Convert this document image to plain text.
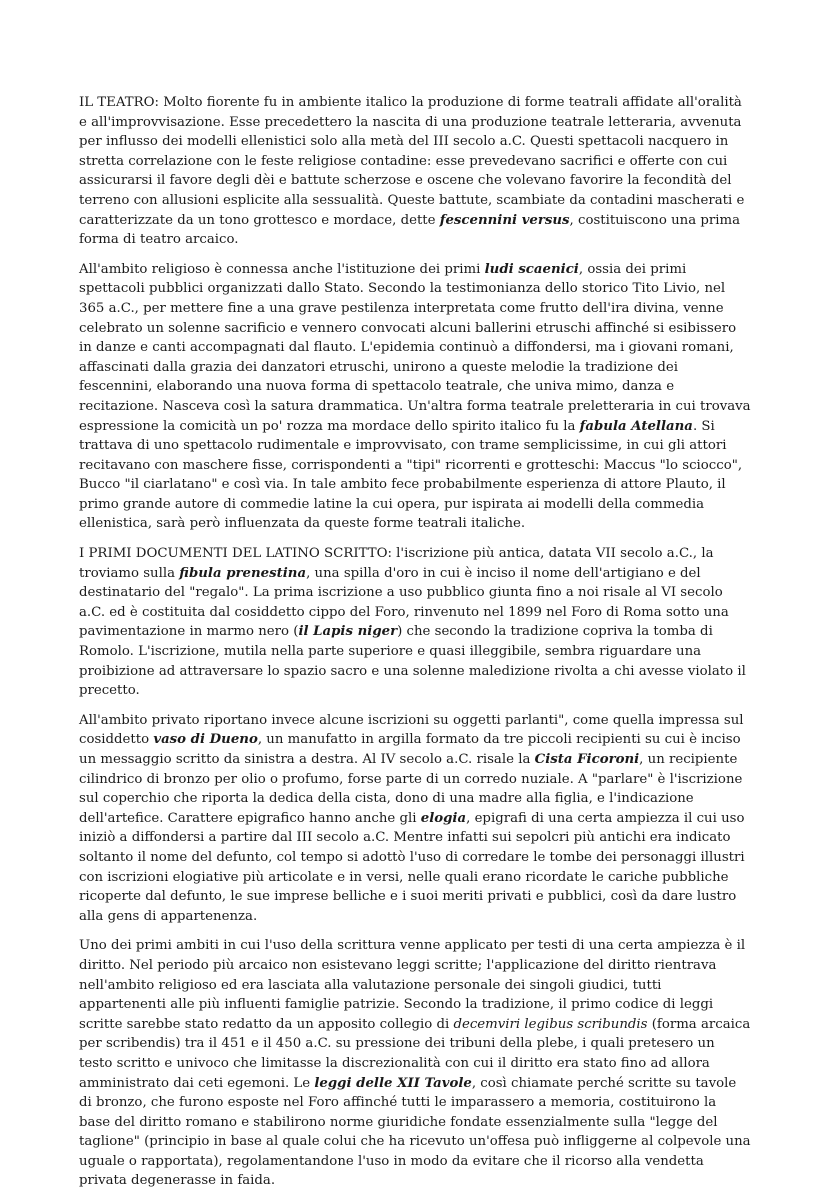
IL TEATRO: Molto fiorente fu in ambiente italico la produzione di forme teatrali affidate all'oralità e all'improvvisazione. Esse precedettero la nascita di una produzione teatrale letteraria, avvenuta per influsso dei modelli ellenistici solo alla metà del III secolo a.C. Questi spettacoli nacquero in stretta correlazione con le feste religiose contadine: esse prevedevano sacrifici e offerte con cui assicurarsi il favore degli dèi e battute scherzose e oscene che volevano favorire la fecondità del terreno con allusioni esplicite alla sessualità. Queste battute, scambiate da contadini mascherati e caratterizzate da un tono grottesco e mordace, dette fescennini versus, costituiscono una prima forma di teatro arcaico.

All'ambito religioso è connessa anche l'istituzione dei primi ludi scaenici, ossia dei primi spettacoli pubblici organizzati dallo Stato. Secondo la testimonianza dello storico Tito Livio, nel 365 a.C., per mettere fine a una grave pestilenza interpretata come frutto dell'ira divina, venne celebrato un solenne sacrificio e vennero convocati alcuni ballerini etruschi affinché si esibissero in danze e canti accompagnati dal flauto. L'epidemia continuò a diffondersi, ma i giovani romani, affascinati dalla grazia dei danzatori etruschi, unirono a queste melodie la tradizione dei fescennini, elaborando una nuova forma di spettacolo teatrale, che univa mimo, danza e recitazione. Nasceva così la satura drammatica. Un'altra forma teatrale preletteraria in cui trovava espressione la comicità un po' rozza ma mordace dello spirito italico fu la fabula Atellana. Si trattava di uno spettacolo rudimentale e improvvisato, con trame semplicissime, in cui gli attori recitavano con maschere fisse, corrispondenti a "tipi" ricorrenti e grotteschi: Maccus "lo sciocco", Bucco "il ciarlatano" e così via. In tale ambito fece probabilmente esperienza di attore Plauto, il primo grande autore di commedie latine la cui opera, pur ispirata ai modelli della commedia ellenistica, sarà però influenzata da queste forme teatrali italiche.

I PRIMI DOCUMENTI DEL LATINO SCRITTO: l'iscrizione più antica, datata VII secolo a.C., la troviamo sulla fibula prenestina, una spilla d'oro in cui è inciso il nome dell'artigiano e del destinatario del "regalo". La prima iscrizione a uso pubblico giunta fino a noi risale al VI secolo a.C. ed è costituita dal cosiddetto cippo del Foro, rinvenuto nel 1899 nel Foro di Roma sotto una pavimentazione in marmo nero (il Lapis niger) che secondo la tradizione copriva la tomba di Romolo. L'iscrizione, mutila nella parte superiore e quasi illeggibile, sembra riguardare una proibizione ad attraversare lo spazio sacro e una solenne maledizione rivolta a chi avesse violato il precetto.

All'ambito privato riportano invece alcune iscrizioni su oggetti parlanti", come quella impressa sul cosiddetto vaso di Dueno, un manufatto in argilla formato da tre piccoli recipienti su cui è inciso un messaggio scritto da sinistra a destra. Al IV secolo a.C. risale la Cista Ficoroni, un recipiente cilindrico di bronzo per olio o profumo, forse parte di un corredo nuziale. A "parlare" è l'iscrizione sul coperchio che riporta la dedica della cista, dono di una madre alla figlia, e l'indicazione dell'artefice. Carattere epigrafico hanno anche gli elogia, epigrafi di una certa ampiezza il cui uso iniziò a diffondersi a partire dal III secolo a.C. Mentre infatti sui sepolcri più antichi era indicato soltanto il nome del defunto, col tempo si adottò l'uso di corredare le tombe dei personaggi illustri con iscrizioni elogiative più articolate e in versi, nelle quali erano ricordate le cariche pubbliche ricoperte dal defunto, le sue imprese belliche e i suoi meriti privati e pubblici, così da dare lustro alla gens di appartenenza.

Uno dei primi ambiti in cui l'uso della scrittura venne applicato per testi di una certa ampiezza è il diritto. Nel periodo più arcaico non esistevano leggi scritte; l'applicazione del diritto rientrava nell'ambito religioso ed era lasciata alla valutazione personale dei singoli giudici, tutti appartenenti alle più influenti famiglie patrizie. Secondo la tradizione, il primo codice di leggi scritte sarebbe stato redatto da un apposito collegio di decemviri legibus scribundis (forma arcaica per scribendis) tra il 451 e il 450 a.C. su pressione dei tribuni della plebe, i quali pretesero un testo scritto e univoco che limitasse la discrezionalità con cui il diritto era stato fino ad allora amministrato dai ceti egemoni. Le leggi delle XII Tavole, così chiamate perché scritte su tavole di bronzo, che furono esposte nel Foro affinché tutti le imparassero a memoria, costituirono la base del diritto romano e stabilirono norme giuridiche fondate essenzialmente sulla "legge del taglione" (principio in base al quale colui che ha ricevuto un'offesa può infliggerne al colpevole una uguale o rapportata), regolamentandone l'uso in modo da evitare che il ricorso alla vendetta privata degenerasse in faida.
